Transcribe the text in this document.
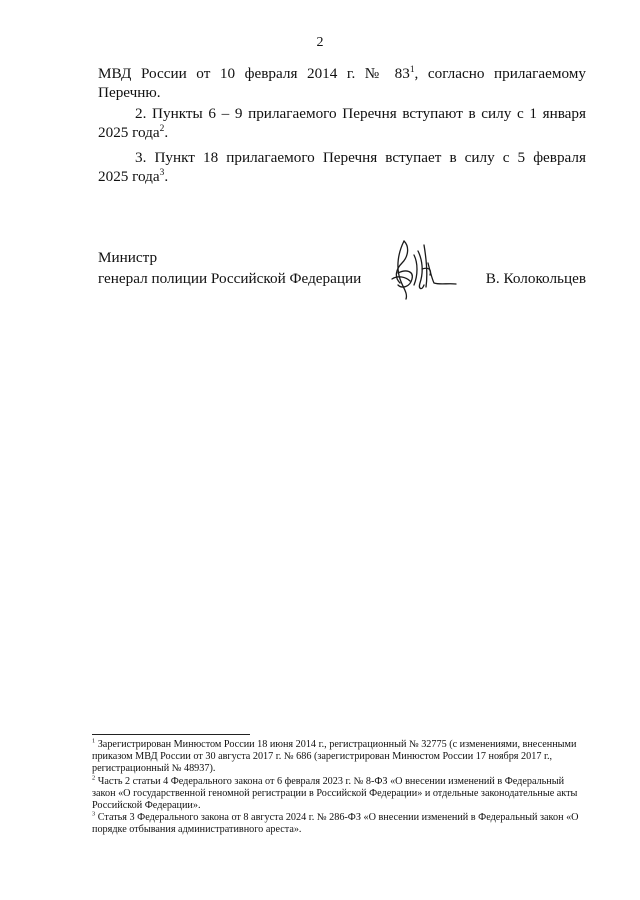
2
МВД России от 10 февраля 2014 г. № $83^1$, согласно прилагаемому
Перечню.
2. Пункты 6 – 9 прилагаемого Перечня вступают в силу с 1 января
2025 года$^2$.
3. Пункт 18 прилагаемого Перечня вступает в силу с 5 февраля
2025 года$^3$.
Министр
генерал полиции Российской Федерации	В. Колокольцев

$^1$ Зарегистрирован Минюстом России 18 июня 2014 г., регистрационный № 32775 (с изменениями, внесенными приказом МВД России от 30 августа 2017 г. № 686 (зарегистрирован Минюстом России 17 ноября 2017 г., регистрационный № 48937).

$^2$ Часть 2 статьи 4 Федерального закона от 6 февраля 2023 г. № 8-ФЗ «О внесении изменений в Федеральный закон «О государственной геномной регистрации в Российской Федерации» и отдельные законодательные акты Российской Федерации».

$^3$ Статья 3 Федерального закона от 8 августа 2024 г. № 286-ФЗ «О внесении изменений в Федеральный закон «О порядке отбывания административного ареста».
